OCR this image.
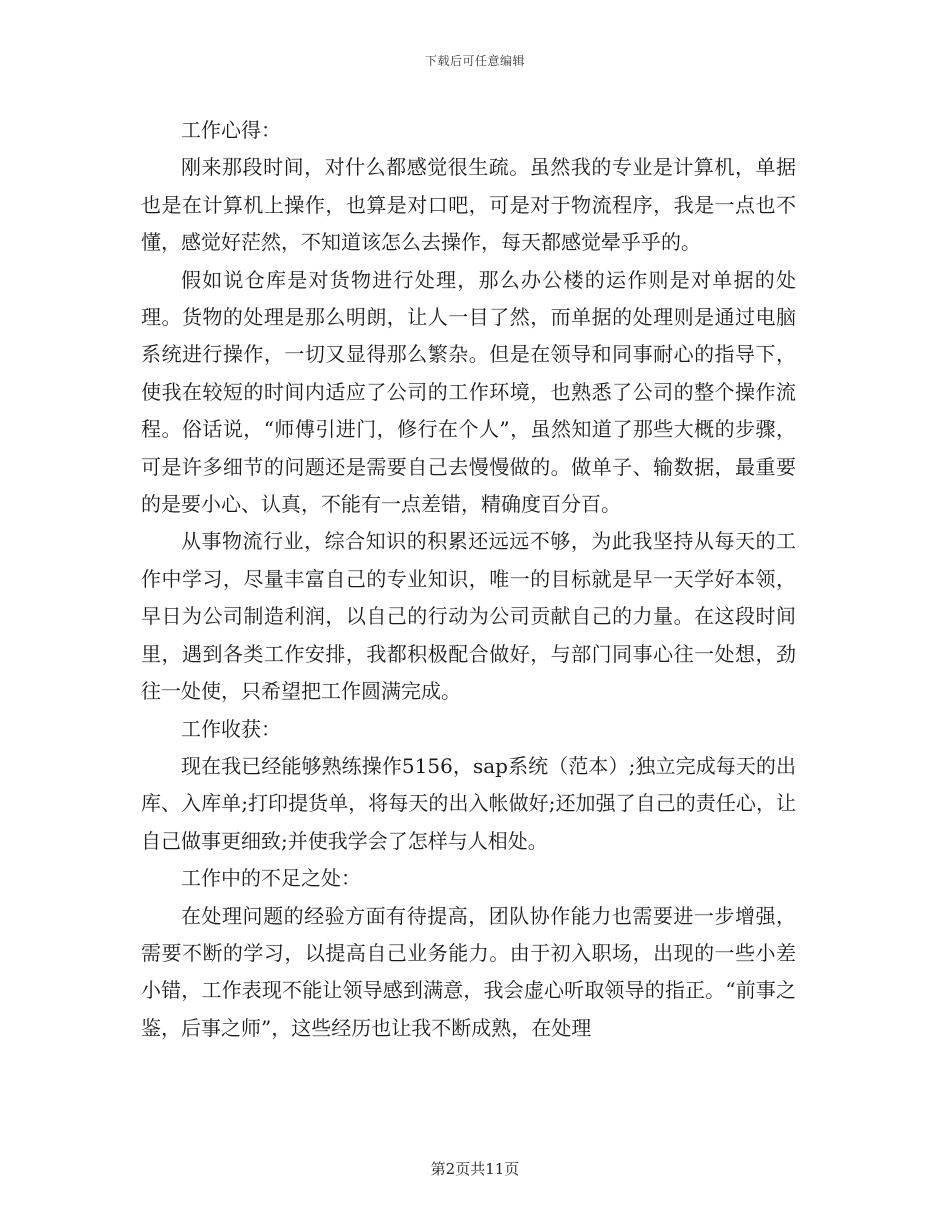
下载后可任意编辑

工作心得：

刚来那段时间，对什么都感觉很生疏。虽然我的专业是计算机，单据也是在计算机上操作，也算是对口吧，可是对于物流程序，我是一点也不懂，感觉好茫然，不知道该怎么去操作，每天都感觉晕乎乎的。

假如说仓库是对货物进行处理，那么办公楼的运作则是对单据的处理。货物的处理是那么明朗，让人一目了然，而单据的处理则是通过电脑系统进行操作，一切又显得那么繁杂。但是在领导和同事耐心的指导下，使我在较短的时间内适应了公司的工作环境，也熟悉了公司的整个操作流程。俗话说，“师傅引进门，修行在个人”，虽然知道了那些大概的步骤，可是许多细节的问题还是需要自己去慢慢做的。做单子、输数据，最重要的是要小心、认真，不能有一点差错，精确度百分百。

从事物流行业，综合知识的积累还远远不够，为此我坚持从每天的工作中学习，尽量丰富自己的专业知识，唯一的目标就是早一天学好本领，早日为公司制造利润，以自己的行动为公司贡献自己的力量。在这段时间里，遇到各类工作安排，我都积极配合做好，与部门同事心往一处想，劲往一处使，只希望把工作圆满完成。

工作收获：

现在我已经能够熟练操作5156，sap系统（范本）;独立完成每天的出库、入库单;打印提货单，将每天的出入帐做好;还加强了自己的责任心，让自己做事更细致;并使我学会了怎样与人相处。

工作中的不足之处：

在处理问题的经验方面有待提高，团队协作能力也需要进一步增强，需要不断的学习，以提高自己业务能力。由于初入职场，出现的一些小差小错，工作表现不能让领导感到满意，我会虚心听取领导的指正。“前事之鉴，后事之师”，这些经历也让我不断成熟，在处理

第2页共11页
